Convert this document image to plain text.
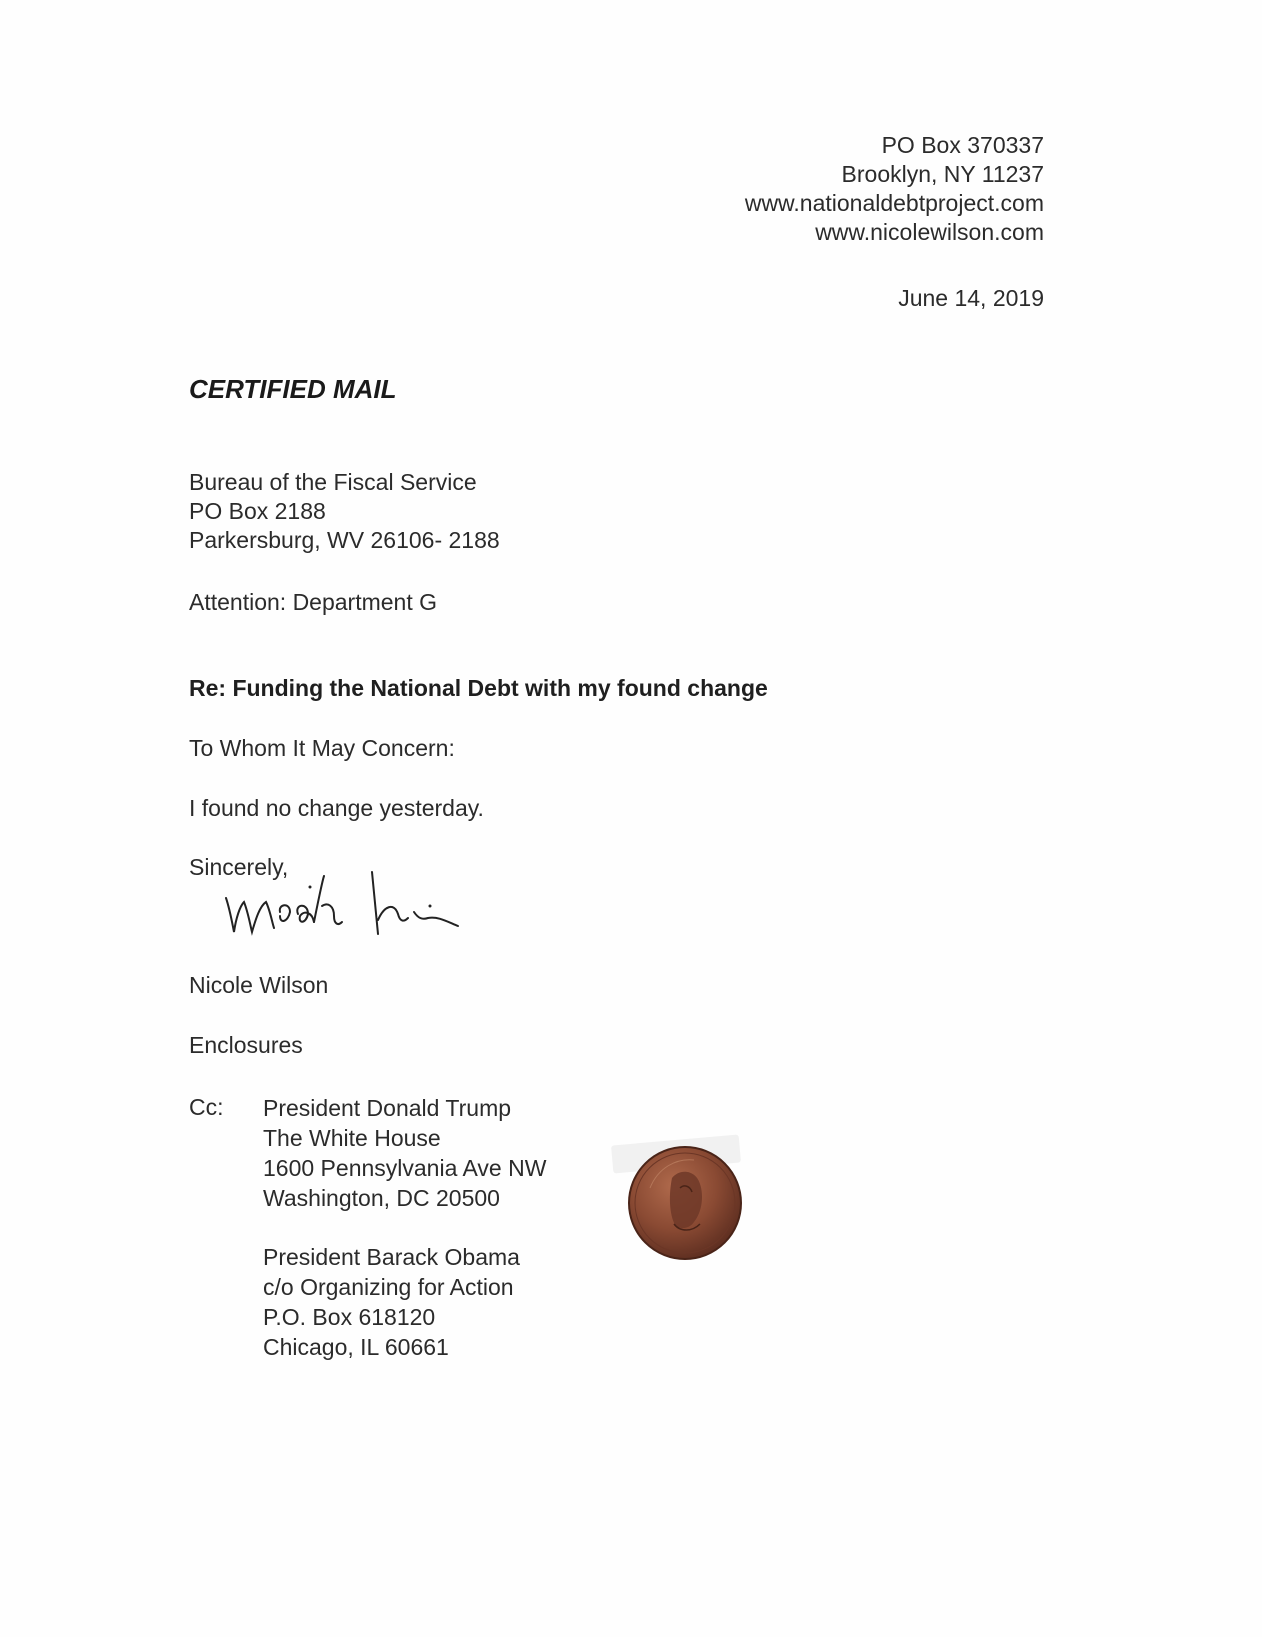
PO Box 370337
Brooklyn, NY 11237
www.nationaldebtproject.com
www.nicolewilson.com
June 14, 2019
CERTIFIED MAIL
Bureau of the Fiscal Service
PO Box 2188
Parkersburg, WV 26106- 2188
Attention: Department G
Re: Funding the National Debt with my found change
To Whom It May Concern:
I found no change yesterday.
Sincerely,
Nicole Wilson
Enclosures
Cc: President Donald Trump
The White House
1600 Pennsylvania Ave NW
Washington, DC 20500
President Barack Obama
c/o Organizing for Action
P.O. Box 618120
Chicago, IL 60661
